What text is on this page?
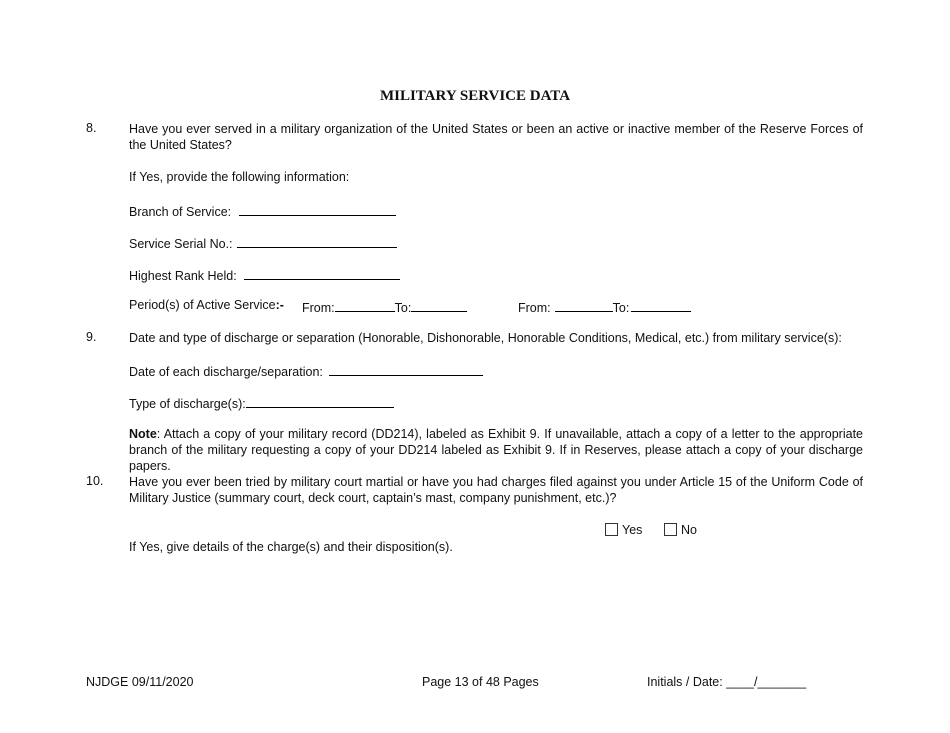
MILITARY SERVICE DATA
8.	Have you ever served in a military organization of the United States or been an active or inactive member of the Reserve Forces of the United States?
If Yes, provide the following information:
Branch of Service:
Service Serial No.:
Highest Rank Held:
Period(s) of Active Service:- From:	To:	From:	To:
9.	Date and type of discharge or separation (Honorable, Dishonorable, Honorable Conditions, Medical, etc.) from military service(s):
Date of each discharge/separation:
Type of discharge(s):
Note: Attach a copy of your military record (DD214), labeled as Exhibit 9. If unavailable, attach a copy of a letter to the appropriate branch of the military requesting a copy of your DD214 labeled as Exhibit 9. If in Reserves, please attach a copy of your discharge papers.
10. Have you ever been tried by military court martial or have you had charges filed against you under Article 15 of the Uniform Code of Military Justice (summary court, deck court, captain’s mast, company punishment, etc.)?
Yes	No
If Yes, give details of the charge(s) and their disposition(s).
NJDGE 09/11/2020	Page 13 of 48 Pages	Initials / Date: ____/_______
